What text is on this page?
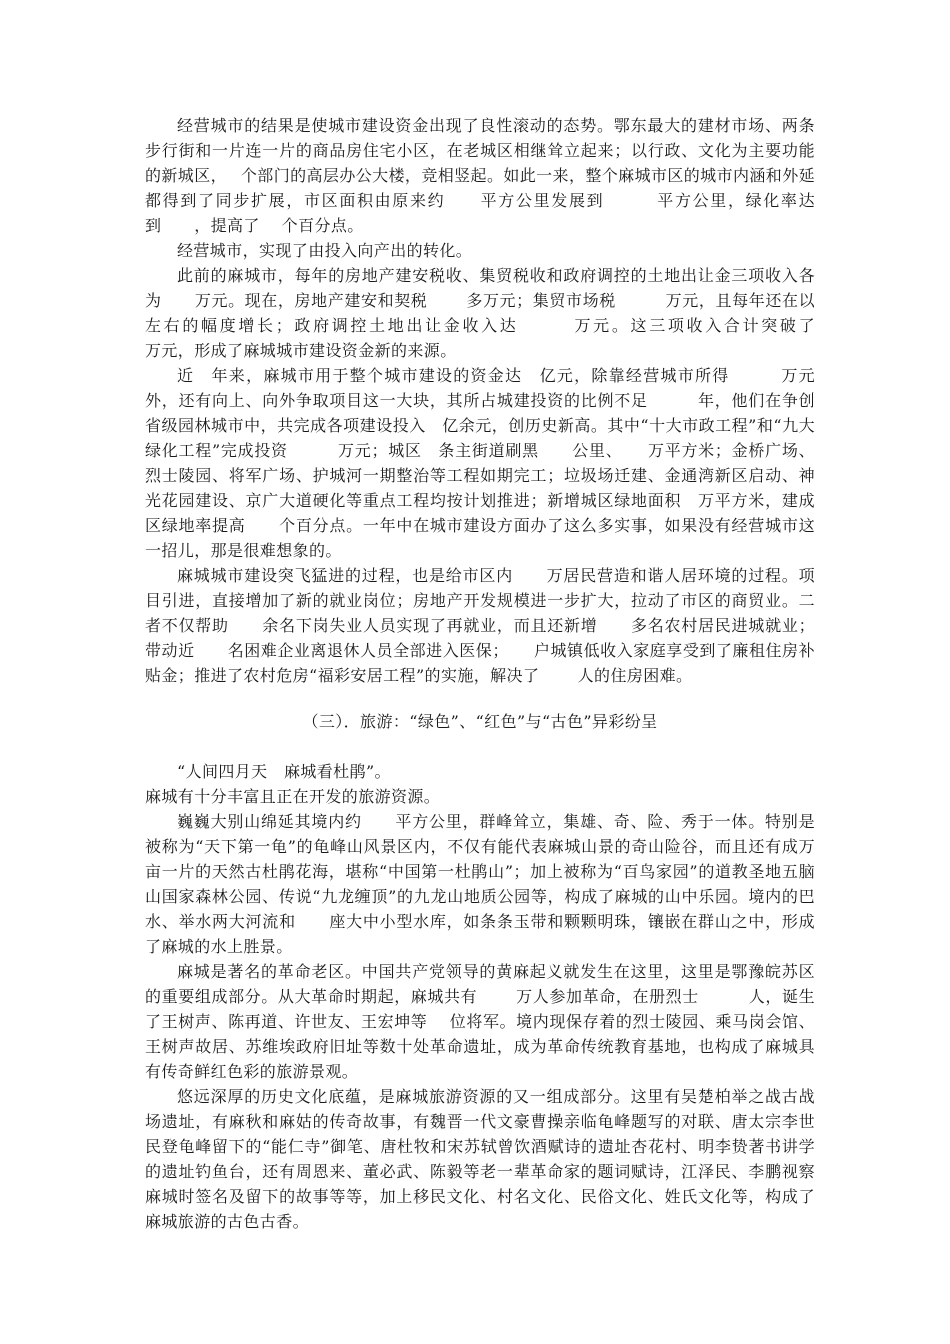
经营城市的结果是使城市建设资金出现了良性滚动的态势。鄂东最大的建材市场、两条步行街和一片连一片的商品房住宅小区，在老城区相继耸立起来；以行政、文化为主要功能的新城区，　 个部门的高层办公大楼，竞相竖起。如此一来，整个麻城市区的城市内涵和外延都得到了同步扩展，市区面积由原来约　　平方公里发展到　　　平方公里，绿化率达到　　，提高了　 个百分点。

经营城市，实现了由投入向产出的转化。

此前的麻城市，每年的房地产建安税收、集贸税收和政府调控的土地出让金三项收入各为　　万元。现在，房地产建安和契税　　 多万元；集贸市场税　　　万元，且每年还在以　　左右的幅度增长；政府调控土地出让金收入达　　　万元。这三项收入合计突破了　　　　万元，形成了麻城城市建设资金新的来源。

近　年来，麻城市用于整个城市建设的资金达　亿元，除靠经营城市所得　　　万元外，还有向上、向外争取项目这一大块，其所占城建投资的比例不足　　　年，他们在争创省级园林城市中，共完成各项建设投入　亿余元，创历史新高。其中“十大市政工程”和“九大绿化工程”完成投资　　　万元；城区　条主街道刷黑　　公里、　　万平方米；金桥广场、烈士陵园、将军广场、护城河一期整治等工程如期完工；垃圾场迁建、金通湾新区启动、神光花园建设、京广大道硬化等重点工程均按计划推进；新增城区绿地面积　万平方米，建成区绿地率提高　　个百分点。一年中在城市建设方面办了这么多实事，如果没有经营城市这一招儿，那是很难想象的。

麻城城市建设突飞猛进的过程，也是给市区内　　万居民营造和谐人居环境的过程。项目引进，直接增加了新的就业岗位；房地产开发规模进一步扩大，拉动了市区的商贸业。二者不仅帮助　　余名下岗失业人员实现了再就业，而且还新增　　多名农村居民进城就业；带动近　　名困难企业离退休人员全部进入医保；　　户城镇低收入家庭享受到了廉租住房补贴金；推进了农村危房“福彩安居工程”的实施，解决了　　 人的住房困难。

（三）．旅游：“绿色”、“红色”与“古色”异彩纷呈

“人间四月天　麻城看杜鹃”。

麻城有十分丰富且正在开发的旅游资源。

巍巍大别山绵延其境内约　　平方公里，群峰耸立，集雄、奇、险、秀于一体。特别是被称为“天下第一龟”的龟峰山风景区内，不仅有能代表麻城山景的奇山险谷，而且还有成万亩一片的天然古杜鹃花海，堪称“中国第一杜鹃山”；加上被称为“百鸟家园”的道教圣地五脑山国家森林公园、传说“九龙缠顶”的九龙山地质公园等，构成了麻城的山中乐园。境内的巴水、举水两大河流和　　座大中小型水库，如条条玉带和颗颗明珠，镶嵌在群山之中，形成了麻城的水上胜景。

麻城是著名的革命老区。中国共产党领导的黄麻起义就发生在这里，这里是鄂豫皖苏区的重要组成部分。从大革命时期起，麻城共有　　 万人参加革命，在册烈士　　　人，诞生了王树声、陈再道、许世友、王宏坤等　 位将军。境内现保存着的烈士陵园、乘马岗会馆、王树声故居、苏维埃政府旧址等数十处革命遗址，成为革命传统教育基地，也构成了麻城具有传奇鲜红色彩的旅游景观。

悠远深厚的历史文化底蕴，是麻城旅游资源的又一组成部分。这里有吴楚柏举之战古战场遗址，有麻秋和麻姑的传奇故事，有魏晋一代文豪曹操亲临龟峰题写的对联、唐太宗李世民登龟峰留下的“能仁寺”御笔、唐杜牧和宋苏轼曾饮酒赋诗的遗址杏花村、明李贽著书讲学的遗址钓鱼台，还有周恩来、董必武、陈毅等老一辈革命家的题词赋诗，江泽民、李鹏视察麻城时签名及留下的故事等等，加上移民文化、村名文化、民俗文化、姓氏文化等，构成了麻城旅游的古色古香。
